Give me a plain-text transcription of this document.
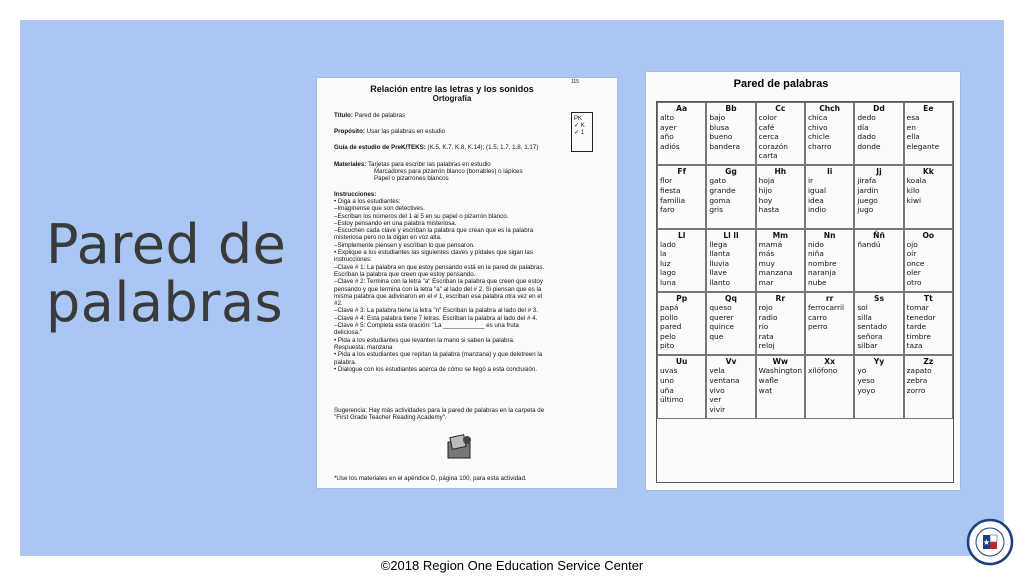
Pared de palabras
115
Relación entre las letras y los sonidos
Ortografía
Título: Pared de palabras
Propósito: Usar las palabras en estudio
Guía de estudio de PreK/TEKS: (K.5, K.7, K.8, K.14); (1.5, 1.7, 1.8, 1.17)
Materiales: Tarjetas para escribir las palabras en estudio
Marcadores para pizarrón blanco (borrables) o lápices
Papel o pizarrones blancos
PK
✓ K
✓ 1
Instrucciones:
• Diga a los estudiantes:
–Imagínense que son detectives.
–Escriban los números del 1 al 5 en su papel o pizarrón blanco.
–Estoy pensando en una palabra misteriosa.
–Escuchen cada clave y escriban la palabra que crean que es la palabra
misteriosa pero no la digan en voz alta.
–Simplemente piensen y escriban lo que pensaron.
• Explique a los estudiantes las siguientes claves y pídales que sigan las
instrucciones:
–Clave # 1: La palabra en que estoy pensando está en la pared de palabras.
Escriban la palabra que creen que estoy pensando.
–Clave # 2: Termina con la letra "a" Escriban la palabra que creen que estoy
pensando y que termina con la letra "a" al lado del # 2. Si piensan que es la
misma palabra que adivinaron en el # 1, escriban esa palabra otra vez en el
#2.
–Clave # 3: La palabra tiene la letra "n" Escriban la palabra al lado del # 3.
–Clave # 4: Esta palabra tiene 7 letras. Escriban la palabra al lado del # 4.
–Clave # 5: Completa esta oración: "La ____________ es una fruta
deliciosa."
• Pida a los estudiantes que levanten la mano si saben la palabra.
Respuesta: manzana
• Pida a los estudiantes que repitan la palabra (manzana) y que deletreen la
palabra.
• Dialogue con los estudiantes acerca de cómo se llegó a esta conclusión.
Sugerencia: Hay más actividades para la pared de palabras en la carpeta de
"First Grade Teacher Reading Academy".
*Use los materiales en el apéndice D, página 100, para esta actividad.
Pared de palabras
Aa
alto
ayer
año
adiós
Bb
bajo
blusa
bueno
bandera
Cc
color
café
cerca
corazón
carta
Chch
chica
chivo
chicle
charro
Dd
dedo
día
dado
donde
Ee
esa
en
ella
elegante
Ff
flor
fiesta
familia
faro
Gg
gato
grande
goma
gris
Hh
hoja
hijo
hoy
hasta
Ii
ir
igual
idea
indio
Jj
jirafa
jardín
juego
jugo
Kk
koala
kilo
kiwi
Ll
lado
la
luz
lago
luna
Ll ll
llega
llanta
lluvia
llave
llanto
Mm
mamá
más
muy
manzana
mar
Nn
nido
niña
nombre
naranja
nube
Ññ
ñandú
Oo
ojo
oír
once
oler
otro
Pp
papá
pollo
pared
pelo
pito
Qq
queso
querer
quince
que
Rr
rojo
radio
río
rata
reloj
rr
ferrocarril
carro
perro
Ss
sol
silla
sentado
señora
silbar
Tt
tomar
tenedor
tarde
timbre
taza
Uu
uvas
uno
uña
último
Vv
vela
ventana
vivo
ver
vivir
Ww
Washington
wafle
wat
Xx
xilófono
Yy
yo
yeso
yoyo
Zz
zapato
zebra
zorro
©2018 Region One Education Service Center
